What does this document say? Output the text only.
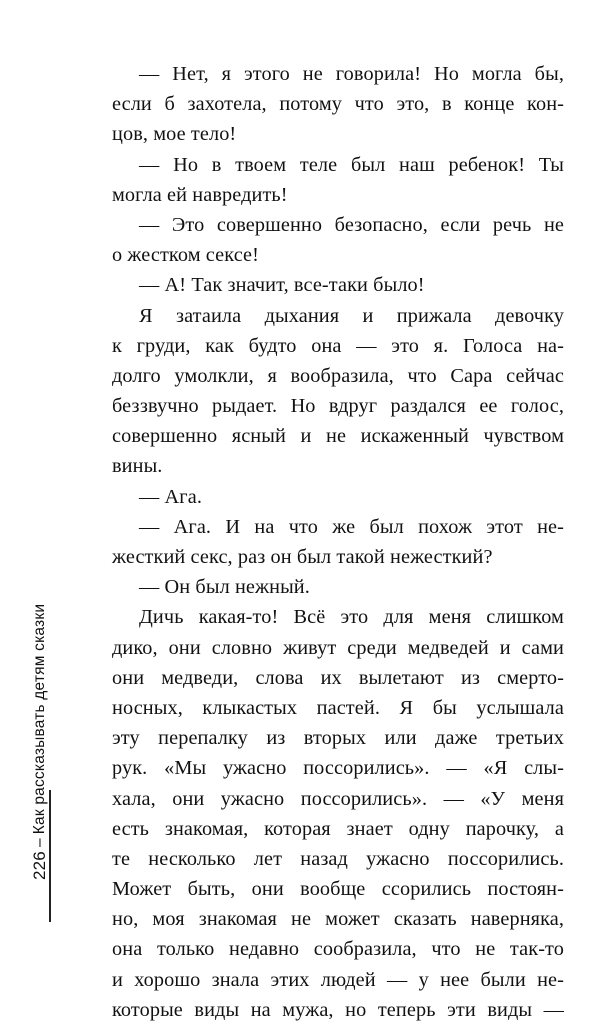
— Нет, я этого не говорила! Но могла бы,
если б захотела, потому что это, в конце кон-
цов, мое тело!
— Но в твоем теле был наш ребенок! Ты
могла ей навредить!
— Это совершенно безопасно, если речь не
о жестком сексе!
— А! Так значит, все-таки было!
Я затаила дыхания и прижала девочку
к груди, как будто она — это я. Голоса на-
долго умолкли, я вообразила, что Сара сейчас
беззвучно рыдает. Но вдруг раздался ее голос,
совершенно ясный и не искаженный чувством
вины.
— Ага.
— Ага. И на что же был похож этот не-
жесткий секс, раз он был такой нежесткий?
— Он был нежный.
Дичь какая-то! Всё это для меня слишком
дико, они словно живут среди медведей и сами
они медведи, слова их вылетают из смерто-
носных, клыкастых пастей. Я бы услышала
эту перепалку из вторых или даже третьих
рук. «Мы ужасно поссорились». — «Я слы-
хала, они ужасно поссорились». — «У меня
есть знакомая, которая знает одну парочку, а
те несколько лет назад ужасно поссорились.
Может быть, они вообще ссорились постоян-
но, моя знакомая не может сказать наверняка,
она только недавно сообразила, что не так-то
и хорошо знала этих людей — у нее были не-
которые виды на мужа, но теперь эти виды —
226
–
Как рассказывать детям сказки
